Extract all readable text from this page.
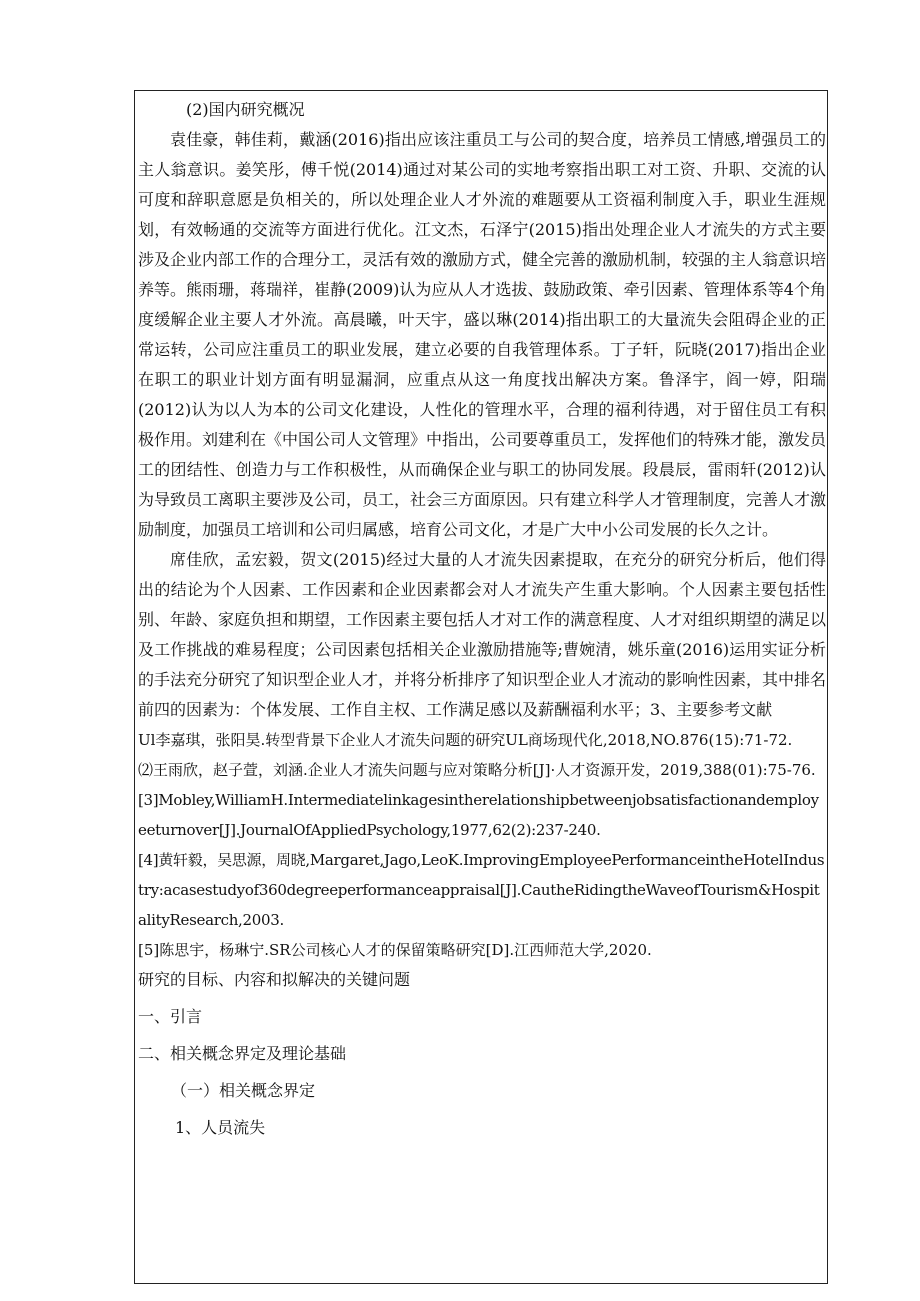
(2)国内研究概况

袁佳豪，韩佳莉，戴涵(2016)指出应该注重员工与公司的契合度，培养员工情感,增强员工的主人翁意识。姜笑彤，傅千悦(2014)通过对某公司的实地考察指出职工对工资、升职、交流的认可度和辞职意愿是负相关的，所以处理企业人才外流的难题要从工资福利制度入手，职业生涯规划，有效畅通的交流等方面进行优化。江文杰，石泽宁(2015)指出处理企业人才流失的方式主要涉及企业内部工作的合理分工，灵活有效的激励方式，健全完善的激励机制，较强的主人翁意识培养等。熊雨珊，蒋瑞祥，崔静(2009)认为应从人才选拔、鼓励政策、牵引因素、管理体系等4个角度缓解企业主要人才外流。高晨曦，叶天宇，盛以琳(2014)指出职工的大量流失会阻碍企业的正常运转，公司应注重员工的职业发展，建立必要的自我管理体系。丁子轩，阮晓(2017)指出企业在职工的职业计划方面有明显漏洞，应重点从这一角度找出解决方案。鲁泽宇，阎一婷，阳瑞(2012)认为以人为本的公司文化建设，人性化的管理水平，合理的福利待遇，对于留住员工有积极作用。刘建利在《中国公司人文管理》中指出，公司要尊重员工，发挥他们的特殊才能，激发员工的团结性、创造力与工作积极性，从而确保企业与职工的协同发展。段晨辰，雷雨轩(2012)认为导致员工离职主要涉及公司，员工，社会三方面原因。只有建立科学人才管理制度，完善人才激励制度，加强员工培训和公司归属感，培育公司文化，才是广大中小公司发展的长久之计。

席佳欣，孟宏毅，贺文(2015)经过大量的人才流失因素提取，在充分的研究分析后，他们得出的结论为个人因素、工作因素和企业因素都会对人才流失产生重大影响。个人因素主要包括性别、年龄、家庭负担和期望，工作因素主要包括人才对工作的满意程度、人才对组织期望的满足以及工作挑战的难易程度；公司因素包括相关企业激励措施等;曹婉清，姚乐童(2016)运用实证分析的手法充分研究了知识型企业人才，并将分析排序了知识型企业人才流动的影响性因素，其中排名前四的因素为：个体发展、工作自主权、工作满足感以及薪酬福利水平；3、主要参考文献

Ul李嘉琪，张阳昊.转型背景下企业人才流失问题的研究UL商场现代化,2018,NO.876(15):71-72.

⑵王雨欣，赵子萱，刘涵.企业人才流失问题与应对策略分析[J]·人才资源开发，2019,388(01):75-76.

[3]Mobley,WilliamH.Intermediatelinkagesintherelationshipbetweenjobsatisfactionandemployeeturnover[J].JournalOfAppliedPsychology,1977,62(2):237-240.

[4]黄轩毅，吴思源，周晓,Margaret,Jago,LeoK.ImprovingEmployeePerformanceintheHotelIndustry:acasestudyof360degreeperformanceappraisal[J].CautheRidingtheWaveofTourism&HospitalityResearch,2003.

[5]陈思宇，杨琳宁.SR公司核心人才的保留策略研究[D].江西师范大学,2020.

研究的目标、内容和拟解决的关键问题

一、引言

二、相关概念界定及理论基础

（一）相关概念界定

1、人员流失
